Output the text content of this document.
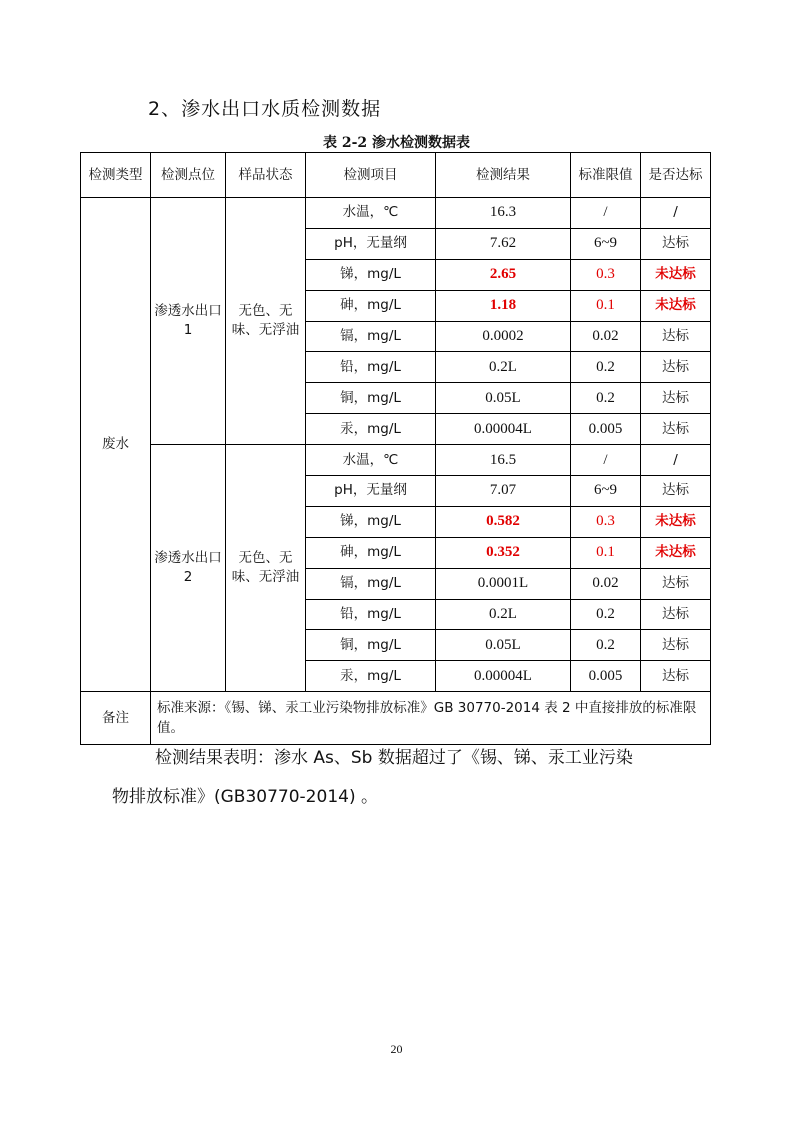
2、渗水出口水质检测数据
表 2-2 渗水检测数据表
检测类型	检测点位	样品状态	检测项目	检测结果	标准限值	是否达标
废水	渗透水出口 1	无色、无味、无浮油	水温，℃	16.3	/	/
			pH，无量纲	7.62	6~9	达标
			锑，mg/L	2.65	0.3	未达标
			砷，mg/L	1.18	0.1	未达标
			镉，mg/L	0.0002	0.02	达标
			铅，mg/L	0.2L	0.2	达标
			铜，mg/L	0.05L	0.2	达标
			汞，mg/L	0.00004L	0.005	达标
	渗透水出口 2	无色、无味、无浮油	水温，℃	16.5	/	/
			pH，无量纲	7.07	6~9	达标
			锑，mg/L	0.582	0.3	未达标
			砷，mg/L	0.352	0.1	未达标
			镉，mg/L	0.0001L	0.02	达标
			铅，mg/L	0.2L	0.2	达标
			铜，mg/L	0.05L	0.2	达标
			汞，mg/L	0.00004L	0.005	达标
备注	标准来源：《锡、锑、汞工业污染物排放标准》GB 30770-2014 表 2 中直接排放的标准限值。					
检测结果表明：渗水 As、Sb 数据超过了《锡、锑、汞工业污染
物排放标准》(GB30770-2014) 。
20
